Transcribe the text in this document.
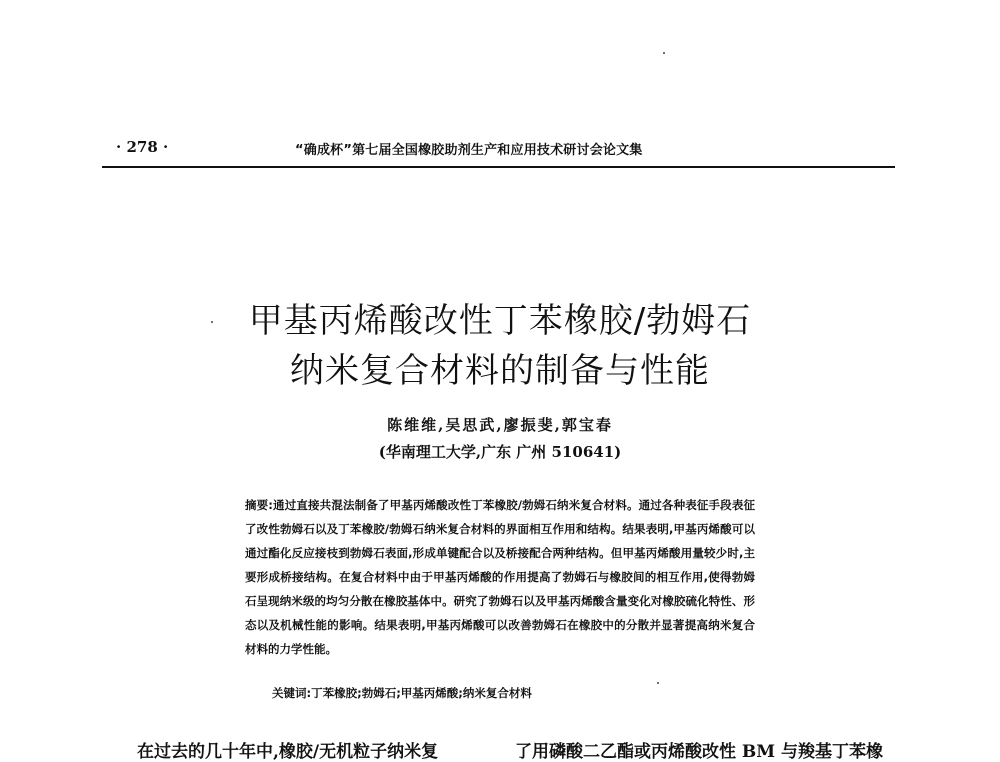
· 278 ·	“确成杯”第七届全国橡胶助剂生产和应用技术研讨会论文集
甲基丙烯酸改性丁苯橡胶/勃姆石
纳米复合材料的制备与性能
陈维维,吴思武,廖振斐,郭宝春
(华南理工大学,广东 广州 510641)
摘要:通过直接共混法制备了甲基丙烯酸改性丁苯橡胶/勃姆石纳米复合材料。通过各种表征手段表征了改性勃姆石以及丁苯橡胶/勃姆石纳米复合材料的界面相互作用和结构。结果表明,甲基丙烯酸可以通过酯化反应接枝到勃姆石表面,形成单键配合以及桥接配合两种结构。但甲基丙烯酸用量较少时,主要形成桥接结构。在复合材料中由于甲基丙烯酸的作用提高了勃姆石与橡胶间的相互作用,使得勃姆石呈现纳米级的均匀分散在橡胶基体中。研究了勃姆石以及甲基丙烯酸含量变化对橡胶硫化特性、形态以及机械性能的影响。结果表明,甲基丙烯酸可以改善勃姆石在橡胶中的分散并显著提高纳米复合材料的力学性能。
关键词:丁苯橡胶;勃姆石;甲基丙烯酸;纳米复合材料
在过去的几十年中,橡胶/无机粒子纳米复	了用磷酸二乙酯或丙烯酸改性 BM 与羧基丁苯橡
